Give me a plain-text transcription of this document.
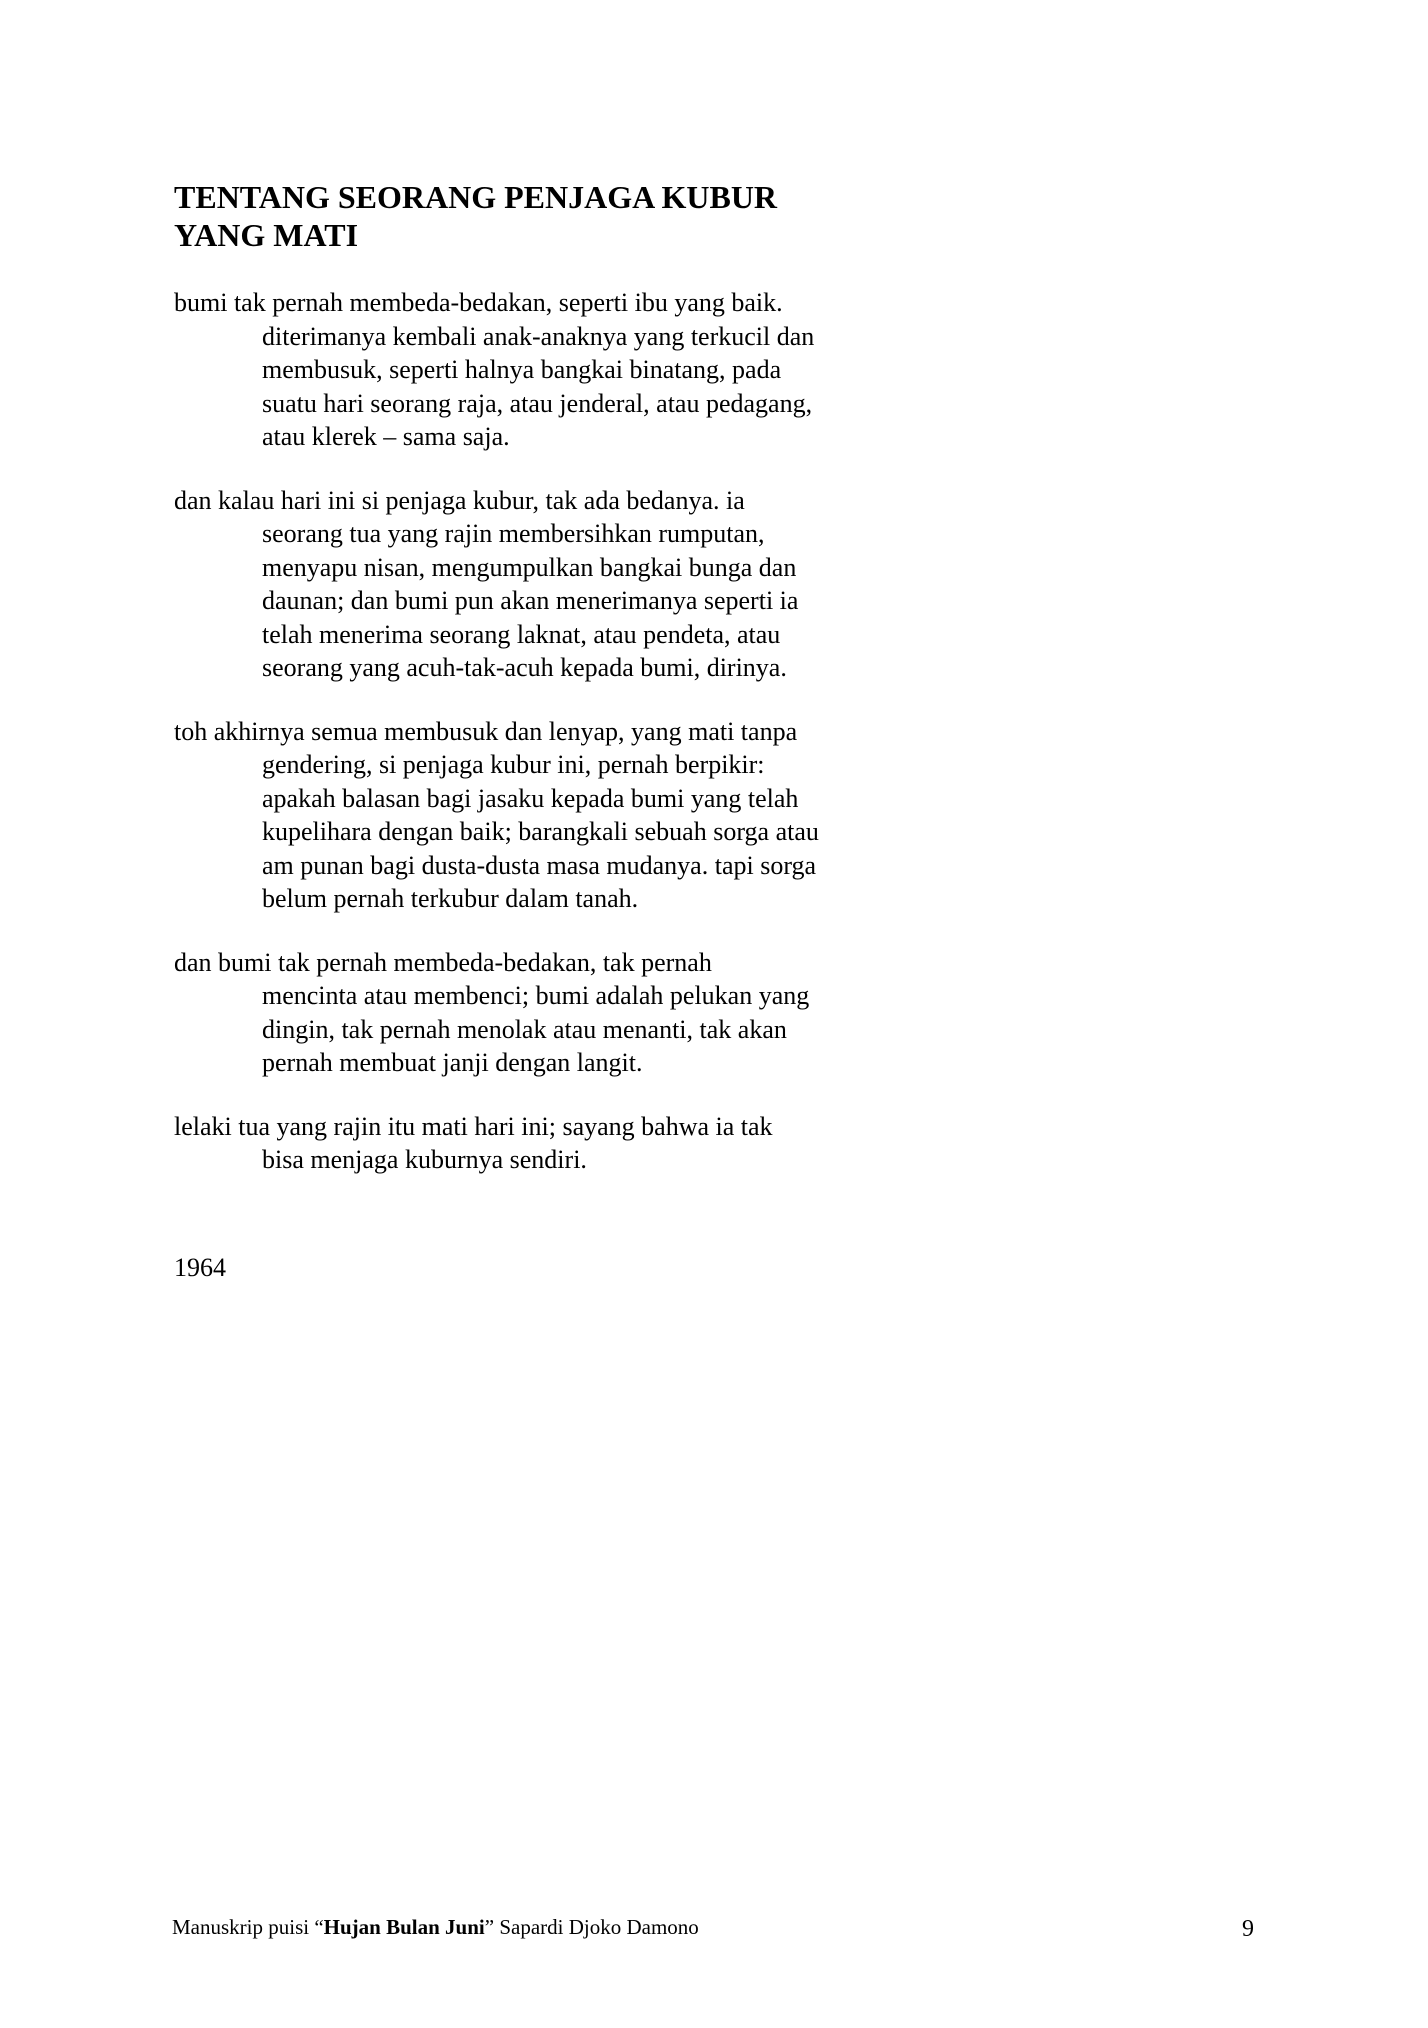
TENTANG SEORANG PENJAGA KUBUR
YANG MATI
bumi tak pernah membeda-bedakan, seperti ibu yang baik.
diterimanya kembali anak-anaknya yang terkucil dan
membusuk, seperti halnya bangkai binatang, pada
suatu hari seorang raja, atau jenderal, atau pedagang,
atau klerek – sama saja.
dan kalau hari ini si penjaga kubur, tak ada bedanya. ia
seorang tua yang rajin membersihkan rumputan,
menyapu nisan, mengumpulkan bangkai bunga dan
daunan; dan bumi pun akan menerimanya seperti ia
telah menerima seorang laknat, atau pendeta, atau
seorang yang acuh-tak-acuh kepada bumi, dirinya.
toh akhirnya semua membusuk dan lenyap, yang mati tanpa
gendering, si penjaga kubur ini, pernah berpikir:
apakah balasan bagi jasaku kepada bumi yang telah
kupelihara dengan baik; barangkali sebuah sorga atau
am punan bagi dusta-dusta masa mudanya. tapi sorga
belum pernah terkubur dalam tanah.
dan bumi tak pernah membeda-bedakan, tak pernah
mencinta atau membenci; bumi adalah pelukan yang
dingin, tak pernah menolak atau menanti, tak akan
pernah membuat janji dengan langit.
lelaki tua yang rajin itu mati hari ini; sayang bahwa ia tak
bisa menjaga kuburnya sendiri.
1964
Manuskrip puisi “Hujan Bulan Juni” Sapardi Djoko Damono	9
